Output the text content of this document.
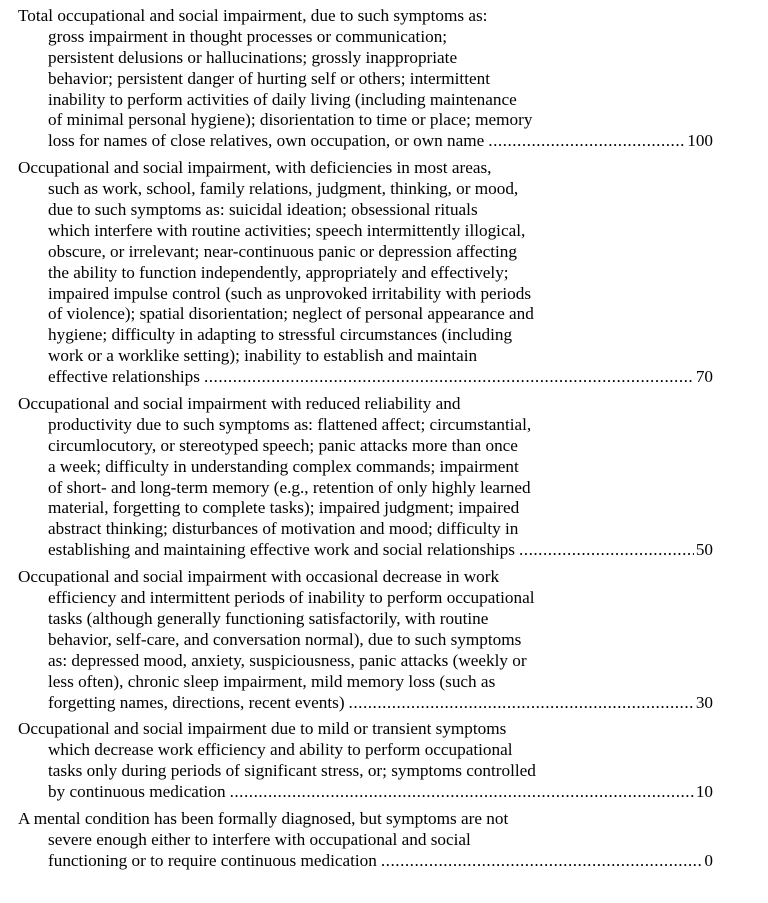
Total occupational and social impairment, due to such symptoms as:
gross impairment in thought processes or communication;
persistent delusions or hallucinations; grossly inappropriate
behavior; persistent danger of hurting self or others; intermittent
inability to perform activities of daily living (including maintenance
of minimal personal hygiene); disorientation to time or place; memory
loss for names of close relatives, own occupation, or own name .....	100
Occupational and social impairment, with deficiencies in most areas,
such as work, school, family relations, judgment, thinking, or mood,
due to such symptoms as: suicidal ideation; obsessional rituals
which interfere with routine activities; speech intermittently illogical,
obscure, or irrelevant; near-continuous panic or depression affecting
the ability to function independently, appropriately and effectively;
impaired impulse control (such as unprovoked irritability with periods
of violence); spatial disorientation; neglect of personal appearance and
hygiene; difficulty in adapting to stressful circumstances (including
work or a worklike setting); inability to establish and maintain
effective relationships .....	70
Occupational and social impairment with reduced reliability and
productivity due to such symptoms as: flattened affect; circumstantial,
circumlocutory, or stereotyped speech; panic attacks more than once
a week; difficulty in understanding complex commands; impairment
of short- and long-term memory (e.g., retention of only highly learned
material, forgetting to complete tasks); impaired judgment; impaired
abstract thinking; disturbances of motivation and mood; difficulty in
establishing and maintaining effective work and social relationships .....	50
Occupational and social impairment with occasional decrease in work
efficiency and intermittent periods of inability to perform occupational
tasks (although generally functioning satisfactorily, with routine
behavior, self-care, and conversation normal), due to such symptoms
as: depressed mood, anxiety, suspiciousness, panic attacks (weekly or
less often), chronic sleep impairment, mild memory loss (such as
forgetting names, directions, recent events) .....	30
Occupational and social impairment due to mild or transient symptoms
which decrease work efficiency and ability to perform occupational
tasks only during periods of significant stress, or; symptoms controlled
by continuous medication .....	10
A mental condition has been formally diagnosed, but symptoms are not
severe enough either to interfere with occupational and social
functioning or to require continuous medication .....	0
